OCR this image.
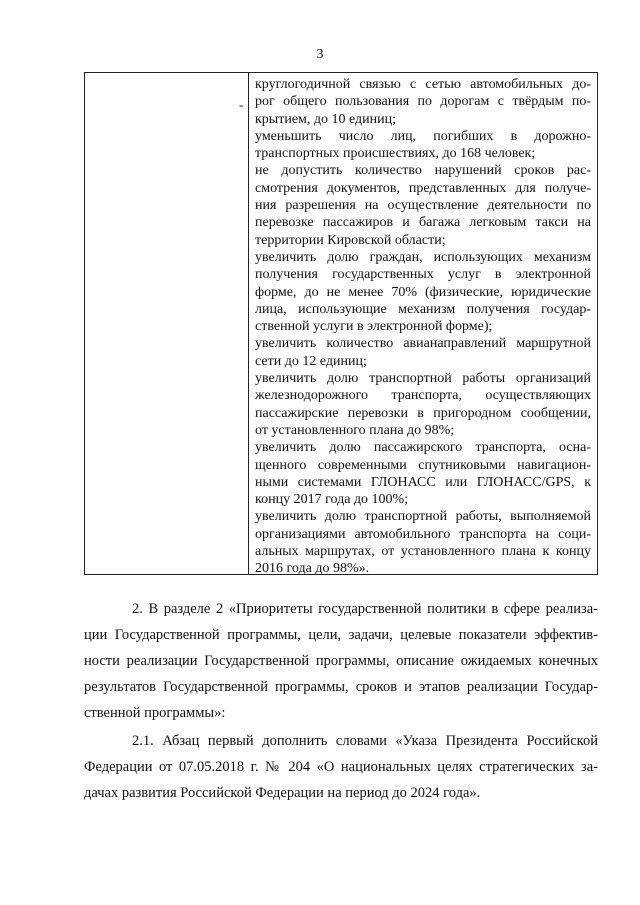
3
-
круглогодичной связью с сетью автомобильных до-
рог общего пользования по дорогам с твёрдым по-
крытием, до 10 единиц;
уменьшить число лиц, погибших в дорожно-
транспортных происшествиях, до 168 человек;
не допустить количество нарушений сроков рас-
смотрения документов, представленных для получе-
ния разрешения на осуществление деятельности по
перевозке пассажиров и багажа легковым такси на
территории Кировской области;
увеличить долю граждан, использующих механизм
получения государственных услуг в электронной
форме, до не менее 70% (физические, юридические
лица, использующие механизм получения государ-
ственной услуги в электронной форме);
увеличить количество авианаправлений маршрутной
сети до 12 единиц;
увеличить долю транспортной работы организаций
железнодорожного транспорта, осуществляющих
пассажирские перевозки в пригородном сообщении,
от установленного плана до 98%;
увеличить долю пассажирского транспорта, осна-
щенного современными спутниковыми навигацион-
ными системами ГЛОНАСС или ГЛОНАСС/GPS, к
концу 2017 года до 100%;
увеличить долю транспортной работы, выполняемой
организациями автомобильного транспорта на соци-
альных маршрутах, от установленного плана к концу
2016 года до 98%».
2. В разделе 2 «Приоритеты государственной политики в сфере реализа-
ции Государственной программы, цели, задачи, целевые показатели эффектив-
ности реализации Государственной программы, описание ожидаемых конечных
результатов Государственной программы, сроков и этапов реализации Государ-
ственной программы»:
2.1. Абзац первый дополнить словами «Указа Президента Российской
Федерации от 07.05.2018 г. № 204 «О национальных целях стратегических за-
дачах развития Российской Федерации на период до 2024 года».
